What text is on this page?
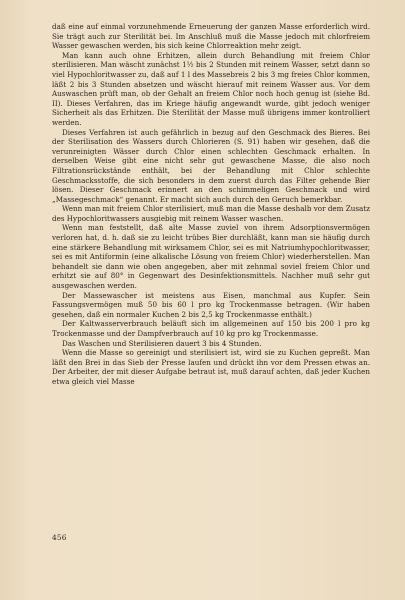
daß eine auf einmal vorzunehmende Erneuerung der ganzen Masse erforderlich wird. Sie trägt auch zur Sterilität bei. Im Anschluß muß die Masse jedoch mit chlorfreiem Wasser gewaschen werden, bis sich keine Chlorreaktion mehr zeigt.

Man kann auch ohne Erhitzen, allein durch Behandlung mit freiem Chlor sterilisieren. Man wäscht zunächst 1½ bis 2 Stunden mit reinem Wasser, setzt dann so viel Hypochloritwasser zu, daß auf 1 l des Massebreis 2 bis 3 mg freies Chlor kommen, läßt 2 bis 3 Stunden absetzen und wäscht hierauf mit reinem Wasser aus. Vor dem Auswaschen prüft man, ob der Gehalt an freiem Chlor noch hoch genug ist (siehe Bd. II). Dieses Verfahren, das im Kriege häufig angewandt wurde, gibt jedoch weniger Sicherheit als das Erhitzen. Die Sterilität der Masse muß übrigens immer kontrolliert werden.

Dieses Verfahren ist auch gefährlich in bezug auf den Geschmack des Bieres. Bei der Sterilisation des Wassers durch Chlorieren (S. 91) haben wir gesehen, daß die verunreinigten Wässer durch Chlor einen schlechten Geschmack erhalten. In derselben Weise gibt eine nicht sehr gut gewaschene Masse, die also noch Filtrationsrückstände enthält, bei der Behandlung mit Chlor schlechte Geschmacksstoffe, die sich besonders in dem zuerst durch das Filter gehende Bier lösen. Dieser Geschmack erinnert an den schimmeligen Geschmack und wird „Massegeschmack“ genannt. Er macht sich auch durch den Geruch bemerkbar.

Wenn man mit freiem Chlor sterilisiert, muß man die Masse deshalb vor dem Zusatz des Hypochloritwassers ausgiebig mit reinem Wasser waschen.

Wenn man feststellt, daß alte Masse zuviel von ihrem Adsorptionsvermögen verloren hat, d. h. daß sie zu leicht trübes Bier durchläßt, kann man sie häufig durch eine stärkere Behandlung mit wirksamem Chlor, sei es mit Natriumhypochloritwasser, sei es mit Antiformin (eine alkalische Lösung von freiem Chlor) wiederherstellen. Man behandelt sie dann wie oben angegeben, aber mit zehnmal soviel freiem Chlor und erhitzt sie auf 80° in Gegenwart des Desinfektionsmittels. Nachher muß sehr gut ausgewaschen werden.

Der Massewascher ist meistens aus Eisen, manchmal aus Kupfer. Sein Fassungsvermögen muß 50 bis 60 l pro kg Trockenmasse betragen. (Wir haben gesehen, daß ein normaler Kuchen 2 bis 2,5 kg Trockenmasse enthält.)

Der Kaltwasserverbrauch beläuft sich im allgemeinen auf 150 bis 200 l pro kg Trockenmasse und der Dampfverbrauch auf 10 kg pro kg Trockenmasse.

Das Waschen und Sterilisieren dauert 3 bis 4 Stunden.

Wenn die Masse so gereinigt und sterilisiert ist, wird sie zu Kuchen gepreßt. Man läßt den Brei in das Sieb der Presse laufen und drückt ihn vor dem Pressen etwas an. Der Arbeiter, der mit dieser Aufgabe betraut ist, muß darauf achten, daß jeder Kuchen etwa gleich viel Masse

456
